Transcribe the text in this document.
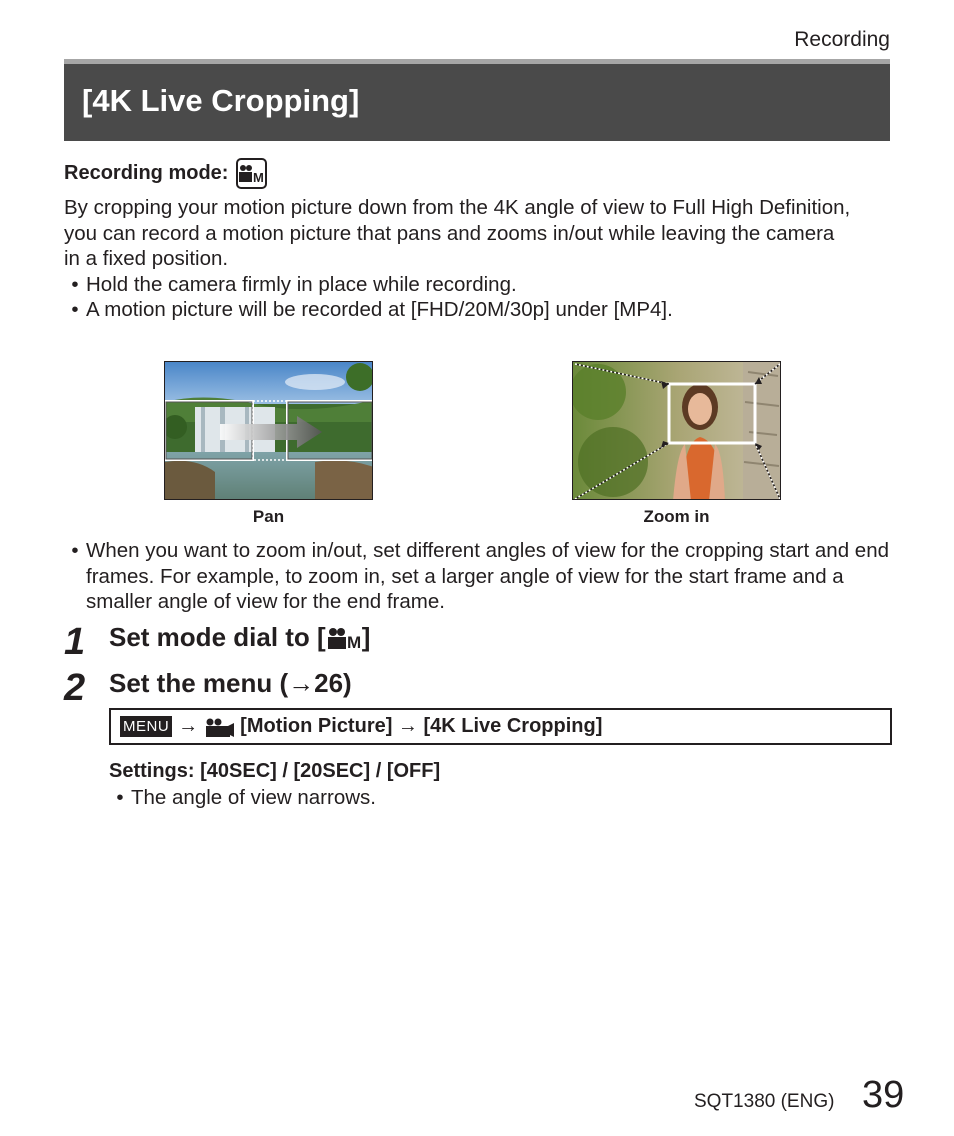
Recording
[4K Live Cropping]
Recording mode: M
By cropping your motion picture down from the 4K angle of view to Full High Definition, you can record a motion picture that pans and zooms in/out while leaving the camera in a fixed position.
• Hold the camera firmly in place while recording.
• A motion picture will be recorded at [FHD/20M/30p] under [MP4].
Pan	Zoom in
• When you want to zoom in/out, set different angles of view for the cropping start and end frames. For example, to zoom in, set a larger angle of view for the start frame and a smaller angle of view for the end frame.
1 Set mode dial to [ M ]
2 Set the menu (→26)
MENU → [Motion Picture] → [4K Live Cropping]
Settings: [40SEC] / [20SEC] / [OFF]
• The angle of view narrows.
SQT1380 (ENG) 39
